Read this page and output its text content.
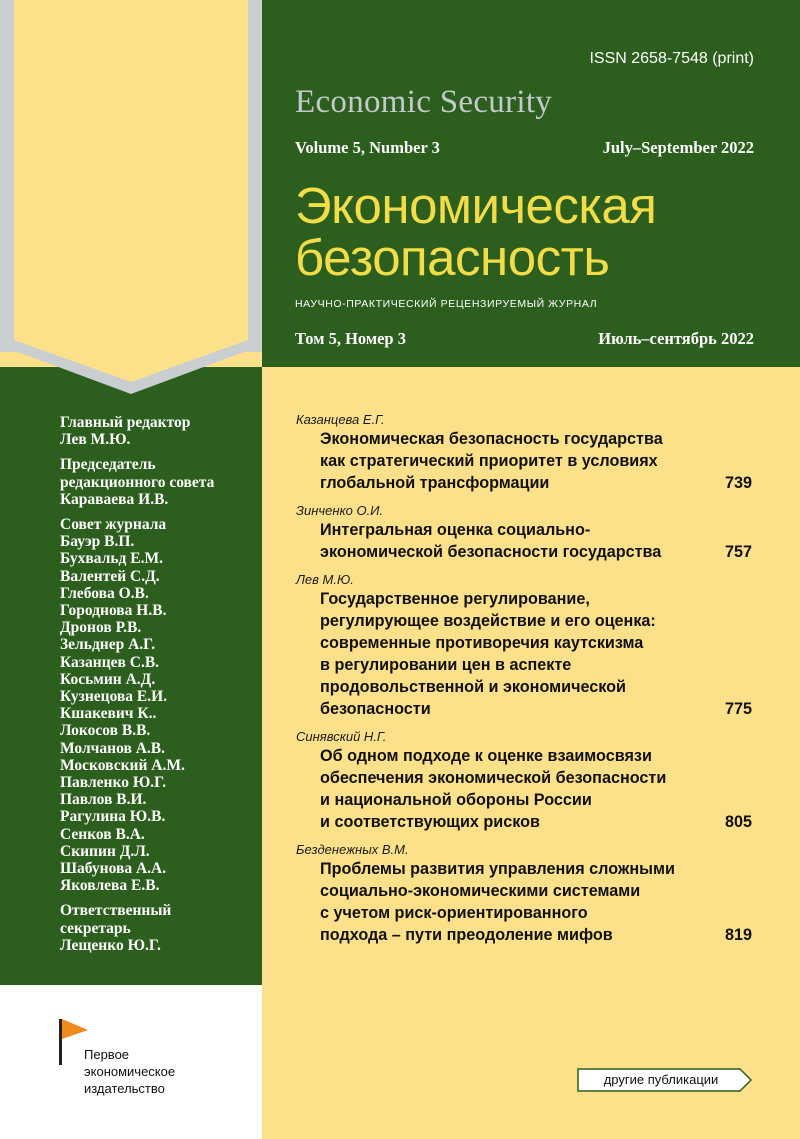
ISSN 2658-7548 (print)
Economic Security
Volume 5, Number 3	July–September 2022
Экономическая
безопасность
НАУЧНО-ПРАКТИЧЕСКИЙ РЕЦЕНЗИРУЕМЫЙ ЖУРНАЛ
Том 5, Номер 3	Июль–сентябрь 2022
Главный редактор
Лев М.Ю.
Председатель
редакционного совета
Караваева И.В.
Совет журнала
Бауэр В.П.
Бухвальд Е.М.
Валентей С.Д.
Глебова О.В.
Городнова Н.В.
Дронов Р.В.
Зельднер А.Г.
Казанцев С.В.
Косьмин А.Д.
Кузнецова Е.И.
Кшакевич К..
Локосов В.В.
Молчанов А.В.
Московский А.М.
Павленко Ю.Г.
Павлов В.И.
Рагулина Ю.В.
Сенков В.А.
Скипин Д.Л.
Шабунова А.А.
Яковлева Е.В.
Ответственный
секретарь
Лещенко Ю.Г.
Казанцева Е.Г.
Экономическая безопасность государства
как стратегический приоритет в условиях
глобальной трансформации	739
Зинченко О.И.
Интегральная оценка социально-
экономической безопасности государства	757
Лев М.Ю.
Государственное регулирование,
регулирующее воздействие и его оценка:
современные противоречия каутскизма
в регулировании цен в аспекте
продовольственной и экономической
безопасности	775
Синявский Н.Г.
Об одном подходе к оценке взаимосвязи
обеспечения экономической безопасности
и национальной обороны России
и соответствующих рисков	805
Безденежных В.М.
Проблемы развития управления сложными
социально-экономическими системами
с учетом риск-ориентированного
подхода – пути преодоление мифов	819
Первое
экономическое
издательство
другие публикации
